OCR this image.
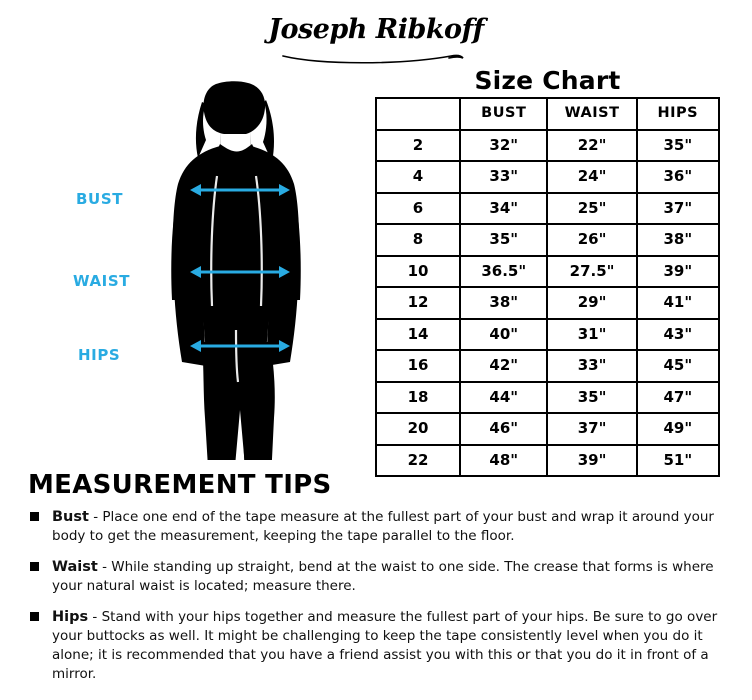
Joseph Ribkoff
Size Chart
	BUST	WAIST	HIPS
2	32"	22"	35"
4	33"	24"	36"
6	34"	25"	37"
8	35"	26"	38"
10	36.5"	27.5"	39"
12	38"	29"	41"
14	40"	31"	43"
16	42"	33"	45"
18	44"	35"	47"
20	46"	37"	49"
22	48"	39"	51"
BUST
WAIST
HIPS
MEASUREMENT TIPS
Bust - Place one end of the tape measure at the fullest part of your bust and wrap it around your body to get the measurement, keeping the tape parallel to the floor.
Waist - While standing up straight, bend at the waist to one side. The crease that forms is where your natural waist is located; measure there.
Hips - Stand with your hips together and measure the fullest part of your hips. Be sure to go over your buttocks as well. It might be challenging to keep the tape consistently level when you do it alone; it is recommended that you have a friend assist you with this or that you do it in front of a mirror.
